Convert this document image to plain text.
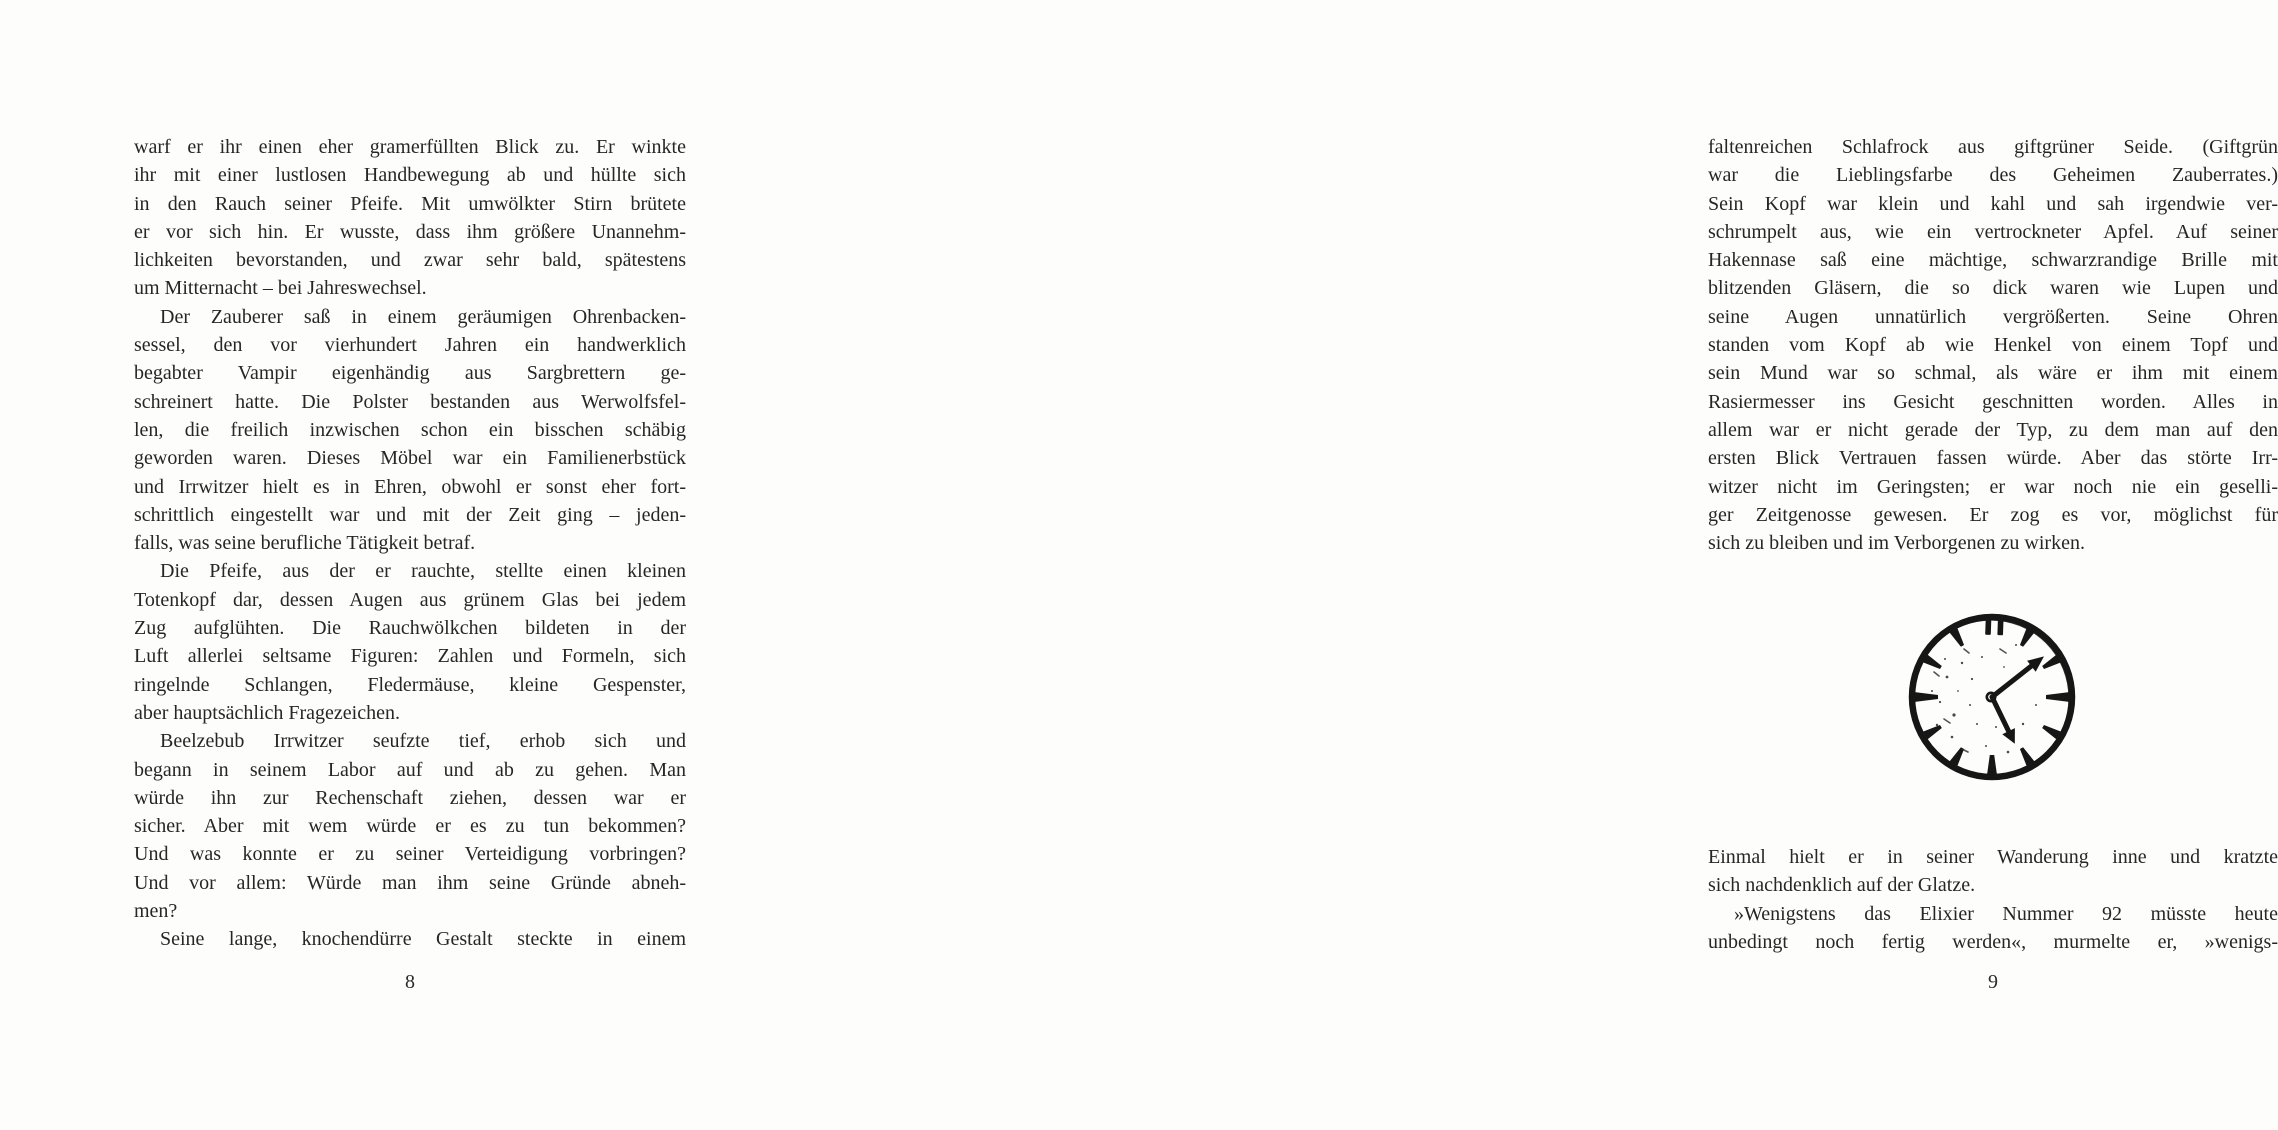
warf er ihr einen eher gramerfüllten Blick zu. Er winkte
ihr mit einer lustlosen Handbewegung ab und hüllte sich
in den Rauch seiner Pfeife. Mit umwölkter Stirn brütete
er vor sich hin. Er wusste, dass ihm größere Unannehm-
lichkeiten bevorstanden, und zwar sehr bald, spätestens
um Mitternacht – bei Jahreswechsel.
Der Zauberer saß in einem geräumigen Ohrenbacken-
sessel, den vor vierhundert Jahren ein handwerklich
begabter Vampir eigenhändig aus Sargbrettern ge-
schreinert hatte. Die Polster bestanden aus Werwolfsfel-
len, die freilich inzwischen schon ein bisschen schäbig
geworden waren. Dieses Möbel war ein Familienerbstück
und Irrwitzer hielt es in Ehren, obwohl er sonst eher fort-
schrittlich eingestellt war und mit der Zeit ging – jeden-
falls, was seine berufliche Tätigkeit betraf.
Die Pfeife, aus der er rauchte, stellte einen kleinen
Totenkopf dar, dessen Augen aus grünem Glas bei jedem
Zug aufglühten. Die Rauchwölkchen bildeten in der
Luft allerlei seltsame Figuren: Zahlen und Formeln, sich
ringelnde Schlangen, Fledermäuse, kleine Gespenster,
aber hauptsächlich Fragezeichen.
Beelzebub Irrwitzer seufzte tief, erhob sich und
begann in seinem Labor auf und ab zu gehen. Man
würde ihn zur Rechenschaft ziehen, dessen war er
sicher. Aber mit wem würde er es zu tun bekommen?
Und was konnte er zu seiner Verteidigung vorbringen?
Und vor allem: Würde man ihm seine Gründe abneh-
men?
Seine lange, knochendürre Gestalt steckte in einem
8
faltenreichen Schlafrock aus giftgrüner Seide. (Giftgrün
war die Lieblingsfarbe des Geheimen Zauberrates.)
Sein Kopf war klein und kahl und sah irgendwie ver-
schrumpelt aus, wie ein vertrockneter Apfel. Auf seiner
Hakennase saß eine mächtige, schwarzrandige Brille mit
blitzenden Gläsern, die so dick waren wie Lupen und
seine Augen unnatürlich vergrößerten. Seine Ohren
standen vom Kopf ab wie Henkel von einem Topf und
sein Mund war so schmal, als wäre er ihm mit einem
Rasiermesser ins Gesicht geschnitten worden. Alles in
allem war er nicht gerade der Typ, zu dem man auf den
ersten Blick Vertrauen fassen würde. Aber das störte Irr-
witzer nicht im Geringsten; er war noch nie ein geselli-
ger Zeitgenosse gewesen. Er zog es vor, möglichst für
sich zu bleiben und im Verborgenen zu wirken.
Einmal hielt er in seiner Wanderung inne und kratzte
sich nachdenklich auf der Glatze.
»Wenigstens das Elixier Nummer 92 müsste heute
unbedingt noch fertig werden«, murmelte er, »wenigs-
9
